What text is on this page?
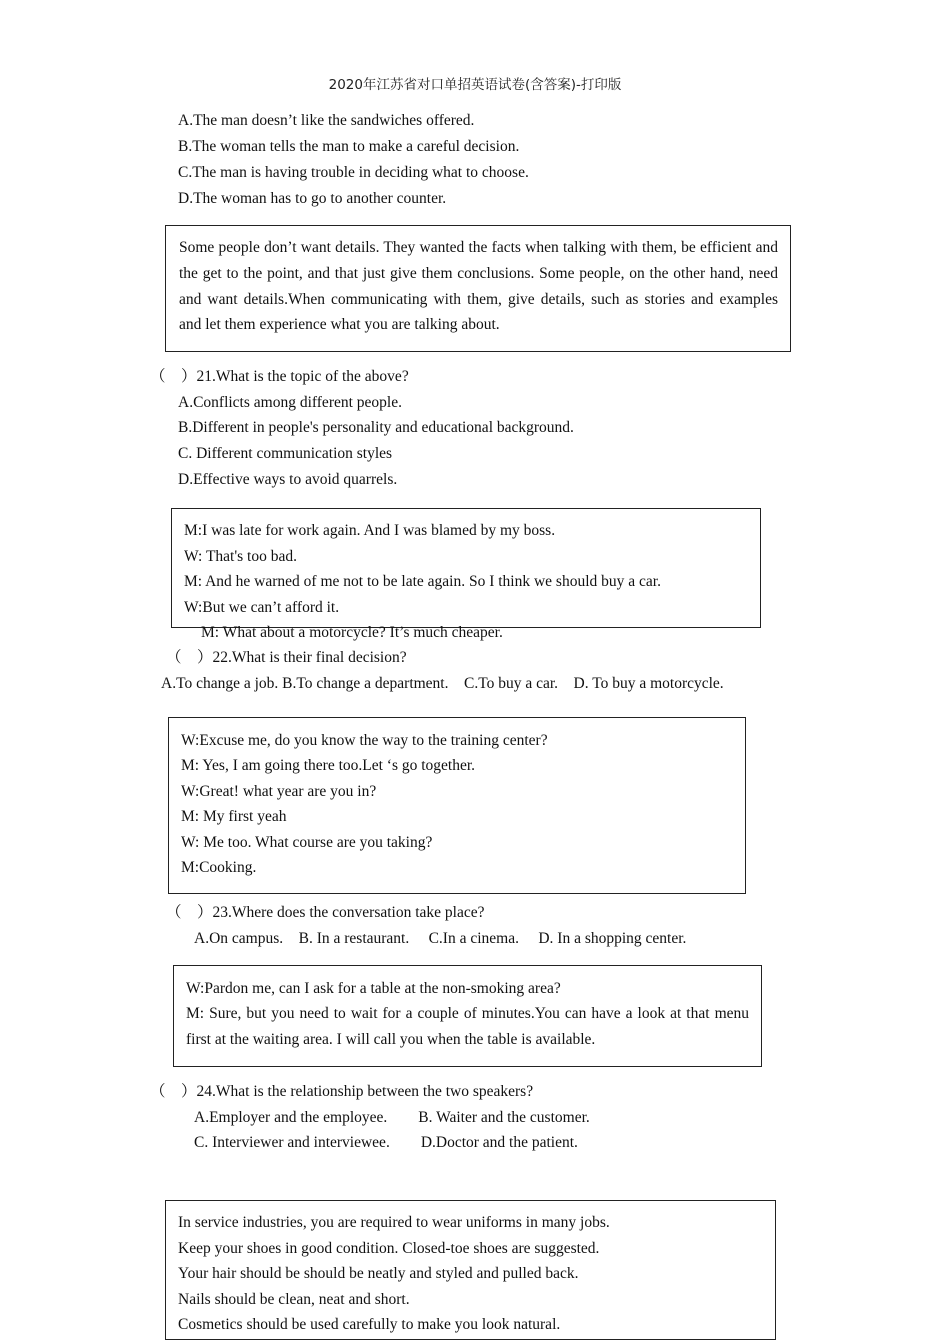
2020年江苏省对口单招英语试卷(含答案)-打印版
A.The man doesn’t like the sandwiches offered.
B.The woman tells the man to make a careful decision.
C.The man is having trouble in deciding what to choose.
D.The woman has to go to another counter.
Some people don’t want details. They wanted the facts when talking with them, be efficient and the get to the point, and that just give them conclusions. Some people, on the other hand, need and want details.When communicating with them, give details, such as stories and examples and let them experience what you are talking about.
（　）21.What is the topic of the above?
A.Conflicts among different people.
B.Different in people's personality and educational background.
C. Different communication styles
D.Effective ways to avoid quarrels.
M:I was late for work again. And I was blamed by my boss.
W: That's too bad.
M: And he warned of me not to be late again. So I think we should buy a car.
W:But we can’t afford it.
M: What about a motorcycle? It’s much cheaper.
（　）22.What is their final decision?
A.To change a job. B.To change a department.　C.To buy a car.　D. To buy a motorcycle.
W:Excuse me, do you know the way to the training center?
M: Yes, I am going there too.Let ‘s go together.
W:Great! what year are you in?
M: My first yeah
W: Me too. What course are you taking?
M:Cooking.
（　）23.Where does the conversation take place?
A.On campus.　B. In a restaurant.　 C.In a cinema.　 D. In a shopping center.
W:Pardon me, can I ask for a table at the non-smoking area?
M: Sure, but you need to wait for a couple of minutes.You can have a look at that menu first at the waiting area. I will call you when the table is available.
（　）24.What is the relationship between the two speakers?
A.Employer and the employee.　　B. Waiter and the customer.
C. Interviewer and interviewee.　　D.Doctor and the patient.
In service industries, you are required to wear uniforms in many jobs.
Keep your shoes in good condition. Closed-toe shoes are suggested.
Your hair should be should be neatly and styled and pulled back.
Nails should be clean, neat and short.
Cosmetics should be used carefully to make you look natural.
